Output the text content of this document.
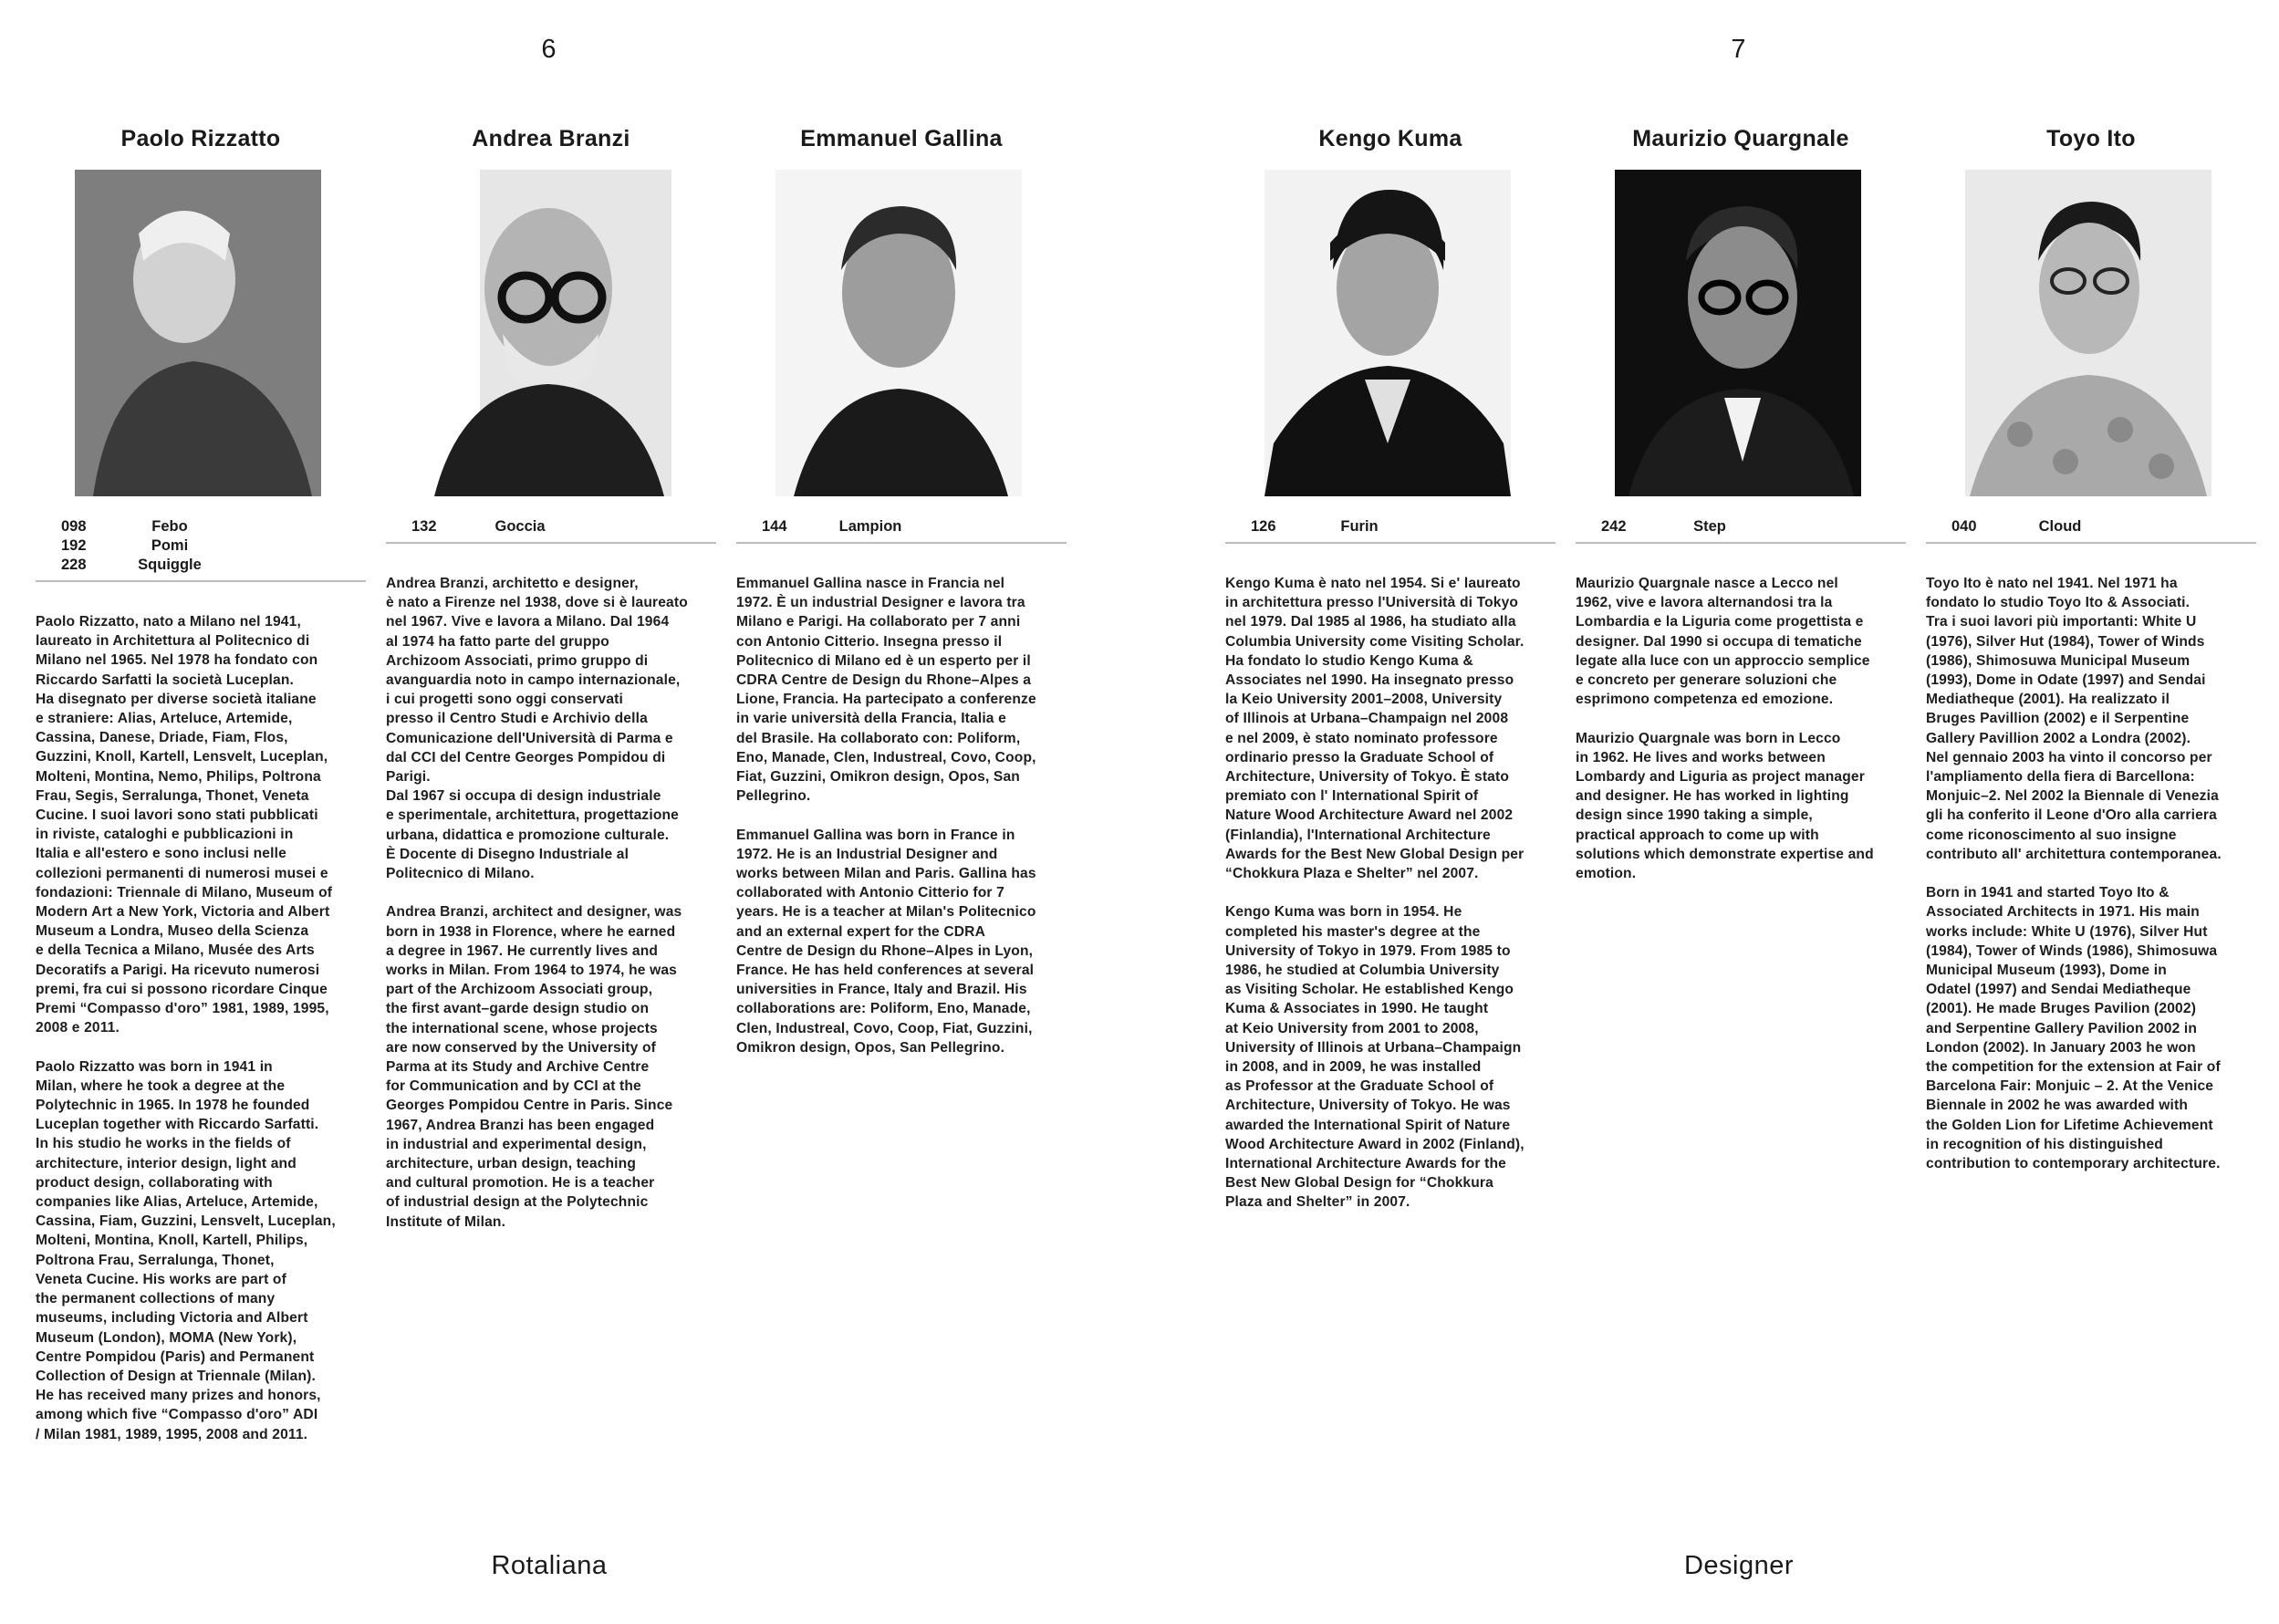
6	7
Paolo Rizzatto
098	Febo
192	Pomi
228	Squiggle

Paolo Rizzatto, nato a Milano nel 1941,
laureato in Architettura al Politecnico di
Milano nel 1965. Nel 1978 ha fondato con
Riccardo Sarfatti la società Luceplan.
Ha disegnato per diverse società italiane
e straniere: Alias, Arteluce, Artemide,
Cassina, Danese, Driade, Fiam, Flos,
Guzzini, Knoll, Kartell, Lensvelt, Luceplan,
Molteni, Montina, Nemo, Philips, Poltrona
Frau, Segis, Serralunga, Thonet, Veneta
Cucine. I suoi lavori sono stati pubblicati
in riviste, cataloghi e pubblicazioni in
Italia e all'estero e sono inclusi nelle
collezioni permanenti di numerosi musei e
fondazioni: Triennale di Milano, Museum of
Modern Art a New York, Victoria and Albert
Museum a Londra, Museo della Scienza
e della Tecnica a Milano, Musée des Arts
Decoratifs a Parigi. Ha ricevuto numerosi
premi, fra cui si possono ricordare Cinque
Premi “Compasso d'oro” 1981, 1989, 1995,
2008 e 2011.

Paolo Rizzatto was born in 1941 in
Milan, where he took a degree at the
Polytechnic in 1965. In 1978 he founded
Luceplan together with Riccardo Sarfatti.
In his studio he works in the fields of
architecture, interior design, light and
product design, collaborating with
companies like Alias, Arteluce, Artemide,
Cassina, Fiam, Guzzini, Lensvelt, Luceplan,
Molteni, Montina, Knoll, Kartell, Philips,
Poltrona Frau, Serralunga, Thonet,
Veneta Cucine. His works are part of
the permanent collections of many
museums, including Victoria and Albert
Museum (London), MOMA (New York),
Centre Pompidou (Paris) and Permanent
Collection of Design at Triennale (Milan).
He has received many prizes and honors,
among which five “Compasso d'oro” ADI
/ Milan 1981, 1989, 1995, 2008 and 2011.

Andrea Branzi
132	Goccia

Andrea Branzi, architetto e designer,
è nato a Firenze nel 1938, dove si è laureato
nel 1967. Vive e lavora a Milano. Dal 1964
al 1974 ha fatto parte del gruppo
Archizoom Associati, primo gruppo di
avanguardia noto in campo internazionale,
i cui progetti sono oggi conservati
presso il Centro Studi e Archivio della
Comunicazione dell'Università di Parma e
dal CCI del Centre Georges Pompidou di
Parigi.
Dal 1967 si occupa di design industriale
e sperimentale, architettura, progettazione
urbana, didattica e promozione culturale.
È Docente di Disegno Industriale al
Politecnico di Milano.

Andrea Branzi, architect and designer, was
born in 1938 in Florence, where he earned
a degree in 1967. He currently lives and
works in Milan. From 1964 to 1974, he was
part of the Archizoom Associati group,
the first avant–garde design studio on
the international scene, whose projects
are now conserved by the University of
Parma at its Study and Archive Centre
for Communication and by CCI at the
Georges Pompidou Centre in Paris. Since
1967, Andrea Branzi has been engaged
in industrial and experimental design,
architecture, urban design, teaching
and cultural promotion. He is a teacher
of industrial design at the Polytechnic
Institute of Milan.

Emmanuel Gallina
144	Lampion

Emmanuel Gallina nasce in Francia nel
1972. È un industrial Designer e lavora tra
Milano e Parigi. Ha collaborato per 7 anni
con Antonio Citterio. Insegna presso il
Politecnico di Milano ed è un esperto per il
CDRA Centre de Design du Rhone–Alpes a
Lione, Francia. Ha partecipato a conferenze
in varie università della Francia, Italia e
del Brasile. Ha collaborato con: Poliform,
Eno, Manade, Clen, Industreal, Covo, Coop,
Fiat, Guzzini, Omikron design, Opos, San
Pellegrino.

Emmanuel Gallina was born in France in
1972. He is an Industrial Designer and
works between Milan and Paris. Gallina has
collaborated with Antonio Citterio for 7
years. He is a teacher at Milan's Politecnico
and an external expert for the CDRA
Centre de Design du Rhone–Alpes in Lyon,
France. He has held conferences at several
universities in France, Italy and Brazil. His
collaborations are: Poliform, Eno, Manade,
Clen, Industreal, Covo, Coop, Fiat, Guzzini,
Omikron design, Opos, San Pellegrino.

Kengo Kuma
126	Furin

Kengo Kuma è nato nel 1954. Si e' laureato
in architettura presso l'Università di Tokyo
nel 1979. Dal 1985 al 1986, ha studiato alla
Columbia University come Visiting Scholar.
Ha fondato lo studio Kengo Kuma &
Associates nel 1990. Ha insegnato presso
la Keio University 2001–2008, University
of Illinois at Urbana–Champaign nel 2008
e nel 2009, è stato nominato professore
ordinario presso la Graduate School of
Architecture, University of Tokyo. È stato
premiato con l' International Spirit of
Nature Wood Architecture Award nel 2002
(Finlandia), l'International Architecture
Awards for the Best New Global Design per
“Chokkura Plaza e Shelter” nel 2007.

Kengo Kuma was born in 1954. He
completed his master's degree at the
University of Tokyo in 1979. From 1985 to
1986, he studied at Columbia University
as Visiting Scholar. He established Kengo
Kuma & Associates in 1990. He taught
at Keio University from 2001 to 2008,
University of Illinois at Urbana–Champaign
in 2008, and in 2009, he was installed
as Professor at the Graduate School of
Architecture, University of Tokyo. He was
awarded the International Spirit of Nature
Wood Architecture Award in 2002 (Finland),
International Architecture Awards for the
Best New Global Design for “Chokkura
Plaza and Shelter” in 2007.

Maurizio Quargnale
242	Step

Maurizio Quargnale nasce a Lecco nel
1962, vive e lavora alternandosi tra la
Lombardia e la Liguria come progettista e
designer. Dal 1990 si occupa di tematiche
legate alla luce con un approccio semplice
e concreto per generare soluzioni che
esprimono competenza ed emozione.

Maurizio Quargnale was born in Lecco
in 1962. He lives and works between
Lombardy and Liguria as project manager
and designer. He has worked in lighting
design since 1990 taking a simple,
practical approach to come up with
solutions which demonstrate expertise and
emotion.

Toyo Ito
040	Cloud

Toyo Ito è nato nel 1941. Nel 1971 ha
fondato lo studio Toyo Ito & Associati.
Tra i suoi lavori più importanti: White U
(1976), Silver Hut (1984), Tower of Winds
(1986), Shimosuwa Municipal Museum
(1993), Dome in Odate (1997) and Sendai
Mediatheque (2001). Ha realizzato il
Bruges Pavillion (2002) e il Serpentine
Gallery Pavillion 2002 a Londra (2002).
Nel gennaio 2003 ha vinto il concorso per
l'ampliamento della fiera di Barcellona:
Monjuic–2. Nel 2002 la Biennale di Venezia
gli ha conferito il Leone d'Oro alla carriera
come riconoscimento al suo insigne
contributo all' architettura contemporanea.

Born in 1941 and started Toyo Ito &
Associated Architects in 1971. His main
works include: White U (1976), Silver Hut
(1984), Tower of Winds (1986), Shimosuwa
Municipal Museum (1993), Dome in
Odatel (1997) and Sendai Mediatheque
(2001). He made Bruges Pavilion (2002)
and Serpentine Gallery Pavilion 2002 in
London (2002). In January 2003 he won
the competition for the extension at Fair of
Barcelona Fair: Monjuic – 2. At the Venice
Biennale in 2002 he was awarded with
the Golden Lion for Lifetime Achievement
in recognition of his distinguished
contribution to contemporary architecture.

Rotaliana	Designer
